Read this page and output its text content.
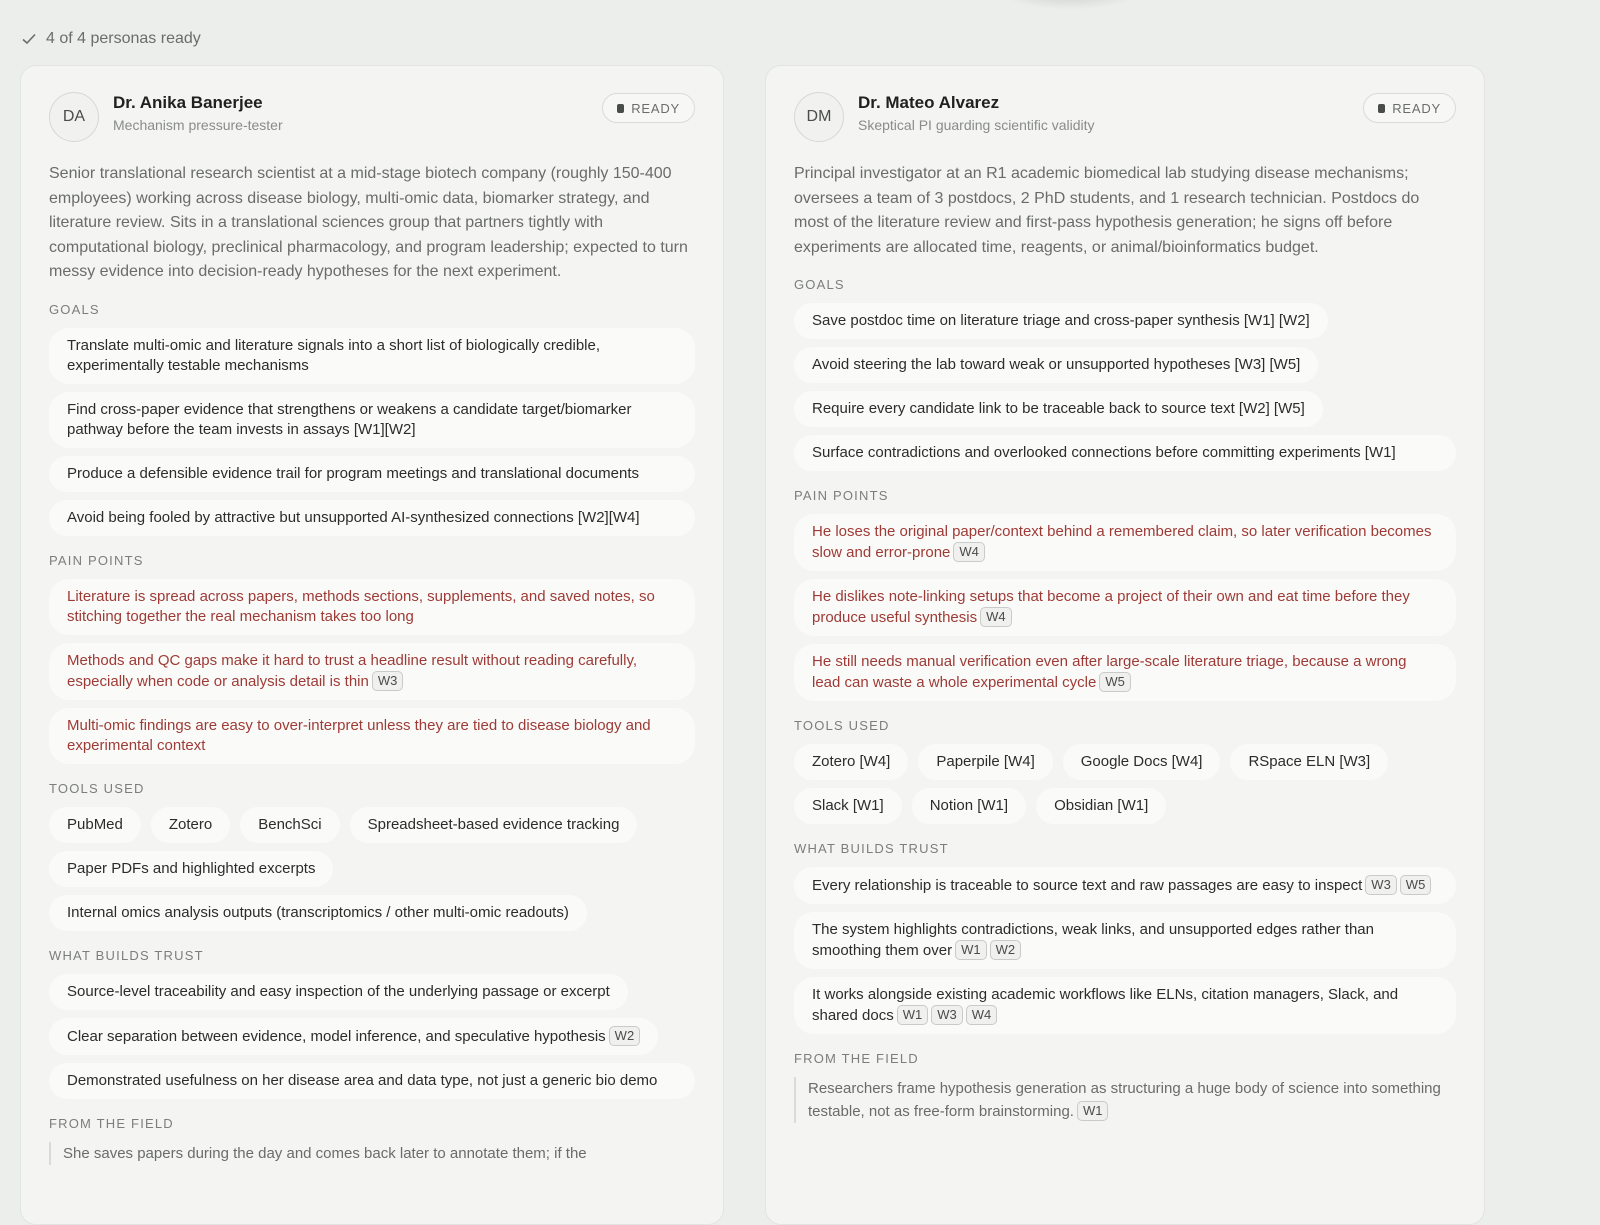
4 of 4 personas ready
DA
Dr. Anika Banerjee
Mechanism pressure-tester
READY
Senior translational research scientist at a mid-stage biotech company (roughly 150-400 employees) working across disease biology, multi-omic data, biomarker strategy, and literature review. Sits in a translational sciences group that partners tightly with computational biology, preclinical pharmacology, and program leadership; expected to turn messy evidence into decision-ready hypotheses for the next experiment.
GOALS
Translate multi-omic and literature signals into a short list of biologically credible, experimentally testable mechanisms
Find cross-paper evidence that strengthens or weakens a candidate target/biomarker pathway before the team invests in assays [W1][W2]
Produce a defensible evidence trail for program meetings and translational documents
Avoid being fooled by attractive but unsupported AI-synthesized connections [W2][W4]
PAIN POINTS
Literature is spread across papers, methods sections, supplements, and saved notes, so stitching together the real mechanism takes too long
Methods and QC gaps make it hard to trust a headline result without reading carefully, especially when code or analysis detail is thin W3
Multi-omic findings are easy to over-interpret unless they are tied to disease biology and experimental context
TOOLS USED
PubMed	Zotero	BenchSci	Spreadsheet-based evidence tracking
Paper PDFs and highlighted excerpts
Internal omics analysis outputs (transcriptomics / other multi-omic readouts)
WHAT BUILDS TRUST
Source-level traceability and easy inspection of the underlying passage or excerpt
Clear separation between evidence, model inference, and speculative hypothesis W2
Demonstrated usefulness on her disease area and data type, not just a generic bio demo
FROM THE FIELD
She saves papers during the day and comes back later to annotate them; if the
DM
Dr. Mateo Alvarez
Skeptical PI guarding scientific validity
READY
Principal investigator at an R1 academic biomedical lab studying disease mechanisms; oversees a team of 3 postdocs, 2 PhD students, and 1 research technician. Postdocs do most of the literature review and first-pass hypothesis generation; he signs off before experiments are allocated time, reagents, or animal/bioinformatics budget.
GOALS
Save postdoc time on literature triage and cross-paper synthesis [W1] [W2]
Avoid steering the lab toward weak or unsupported hypotheses [W3] [W5]
Require every candidate link to be traceable back to source text [W2] [W5]
Surface contradictions and overlooked connections before committing experiments [W1]
PAIN POINTS
He loses the original paper/context behind a remembered claim, so later verification becomes slow and error-prone W4
He dislikes note-linking setups that become a project of their own and eat time before they produce useful synthesis W4
He still needs manual verification even after large-scale literature triage, because a wrong lead can waste a whole experimental cycle W5
TOOLS USED
Zotero [W4]	Paperpile [W4]	Google Docs [W4]	RSpace ELN [W3]
Slack [W1]	Notion [W1]	Obsidian [W1]
WHAT BUILDS TRUST
Every relationship is traceable to source text and raw passages are easy to inspect W3 W5
The system highlights contradictions, weak links, and unsupported edges rather than smoothing them over W1 W2
It works alongside existing academic workflows like ELNs, citation managers, Slack, and shared docs W1 W3 W4
FROM THE FIELD
Researchers frame hypothesis generation as structuring a huge body of science into something testable, not as free-form brainstorming. W1
